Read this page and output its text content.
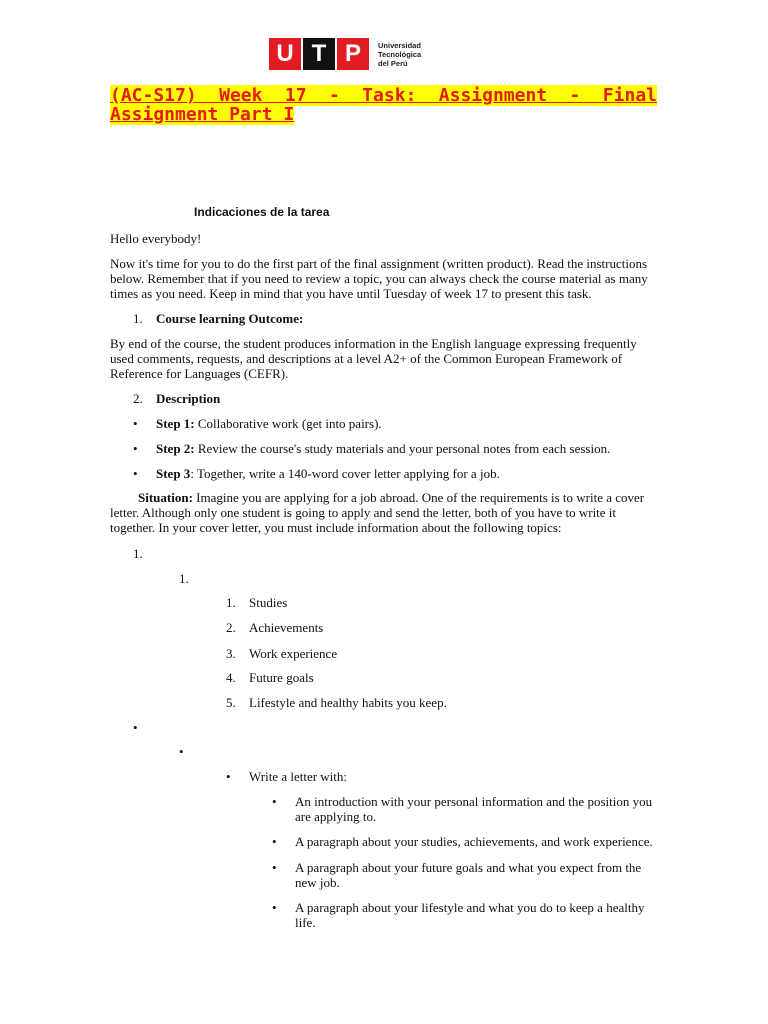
U T P	Universidad
Tecnológica
del Perú
(AC-S17) Week 17 - Task: Assignment - Final Assignment Part I
Indicaciones de la tarea
Hello everybody!
Now it's time for you to do the first part of the final assignment (written product). Read the instructions below. Remember that if you need to review a topic, you can always check the course material as many times as you need. Keep in mind that you have until Tuesday of week 17 to present this task.
1. Course learning Outcome:
By end of the course, the student produces information in the English language expressing frequently used comments, requests, and descriptions at a level A2+ of the Common European Framework of Reference for Languages (CEFR).
2. Description
•
Step 1: Collaborative work (get into pairs).
•
Step 2: Review the course's study materials and your personal notes from each session.
•
Step 3: Together, write a 140-word cover letter applying for a job.
Situation: Imagine you are applying for a job abroad. One of the requirements is to write a cover letter. Although only one student is going to apply and send the letter, both of you have to write it together. In your cover letter, you must include information about the following topics:
1.
1.
1. Studies
2. Achievements
3. Work experience
4. Future goals
5. Lifestyle and healthy habits you keep.
•
•
•
Write a letter with:
•
An introduction with your personal information and the position you are applying to.
•
A paragraph about your studies, achievements, and work experience.
•
A paragraph about your future goals and what you expect from the new job.
•
A paragraph about your lifestyle and what you do to keep a healthy life.
